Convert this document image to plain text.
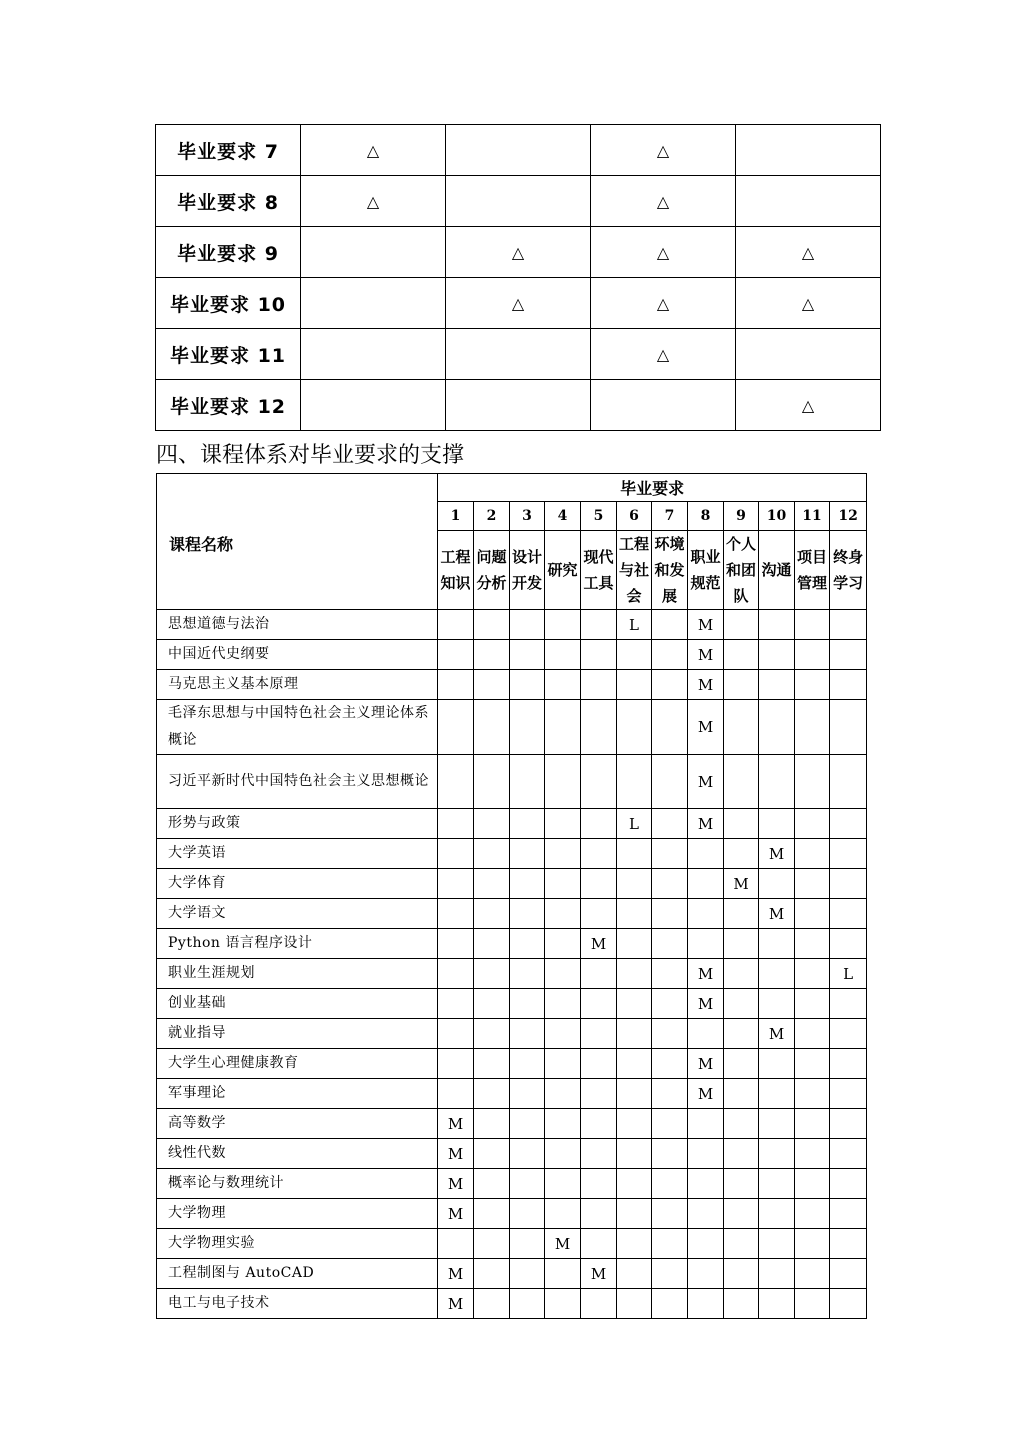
毕业要求 7	△		△	
毕业要求 8	△		△	
毕业要求 9		△	△	△
毕业要求 10		△	△	△
毕业要求 11			△	
毕业要求 12				△
四、课程体系对毕业要求的支撑
课程名称	毕业要求											
	1	2	3	4	5	6	7	8	9	10	11	12
	工程知识	问题分析	设计开发	研究	现代工具	工程与社会	环境和发展	职业规范	个人和团队	沟通	项目管理	终身学习
思想道德与法治						L		M				
中国近代史纲要								M				
马克思主义基本原理								M				
毛泽东思想与中国特色社会主义理论体系概论								M				
习近平新时代中国特色社会主义思想概论								M				
形势与政策						L		M				
大学英语										M		
大学体育									M			
大学语文										M		
Python 语言程序设计					M							
职业生涯规划								M				L
创业基础								M				
就业指导										M		
大学生心理健康教育								M				
军事理论								M				
高等数学	M											
线性代数	M											
概率论与数理统计	M											
大学物理	M											
大学物理实验				M								
工程制图与 AutoCAD	M				M							
电工与电子技术	M											
